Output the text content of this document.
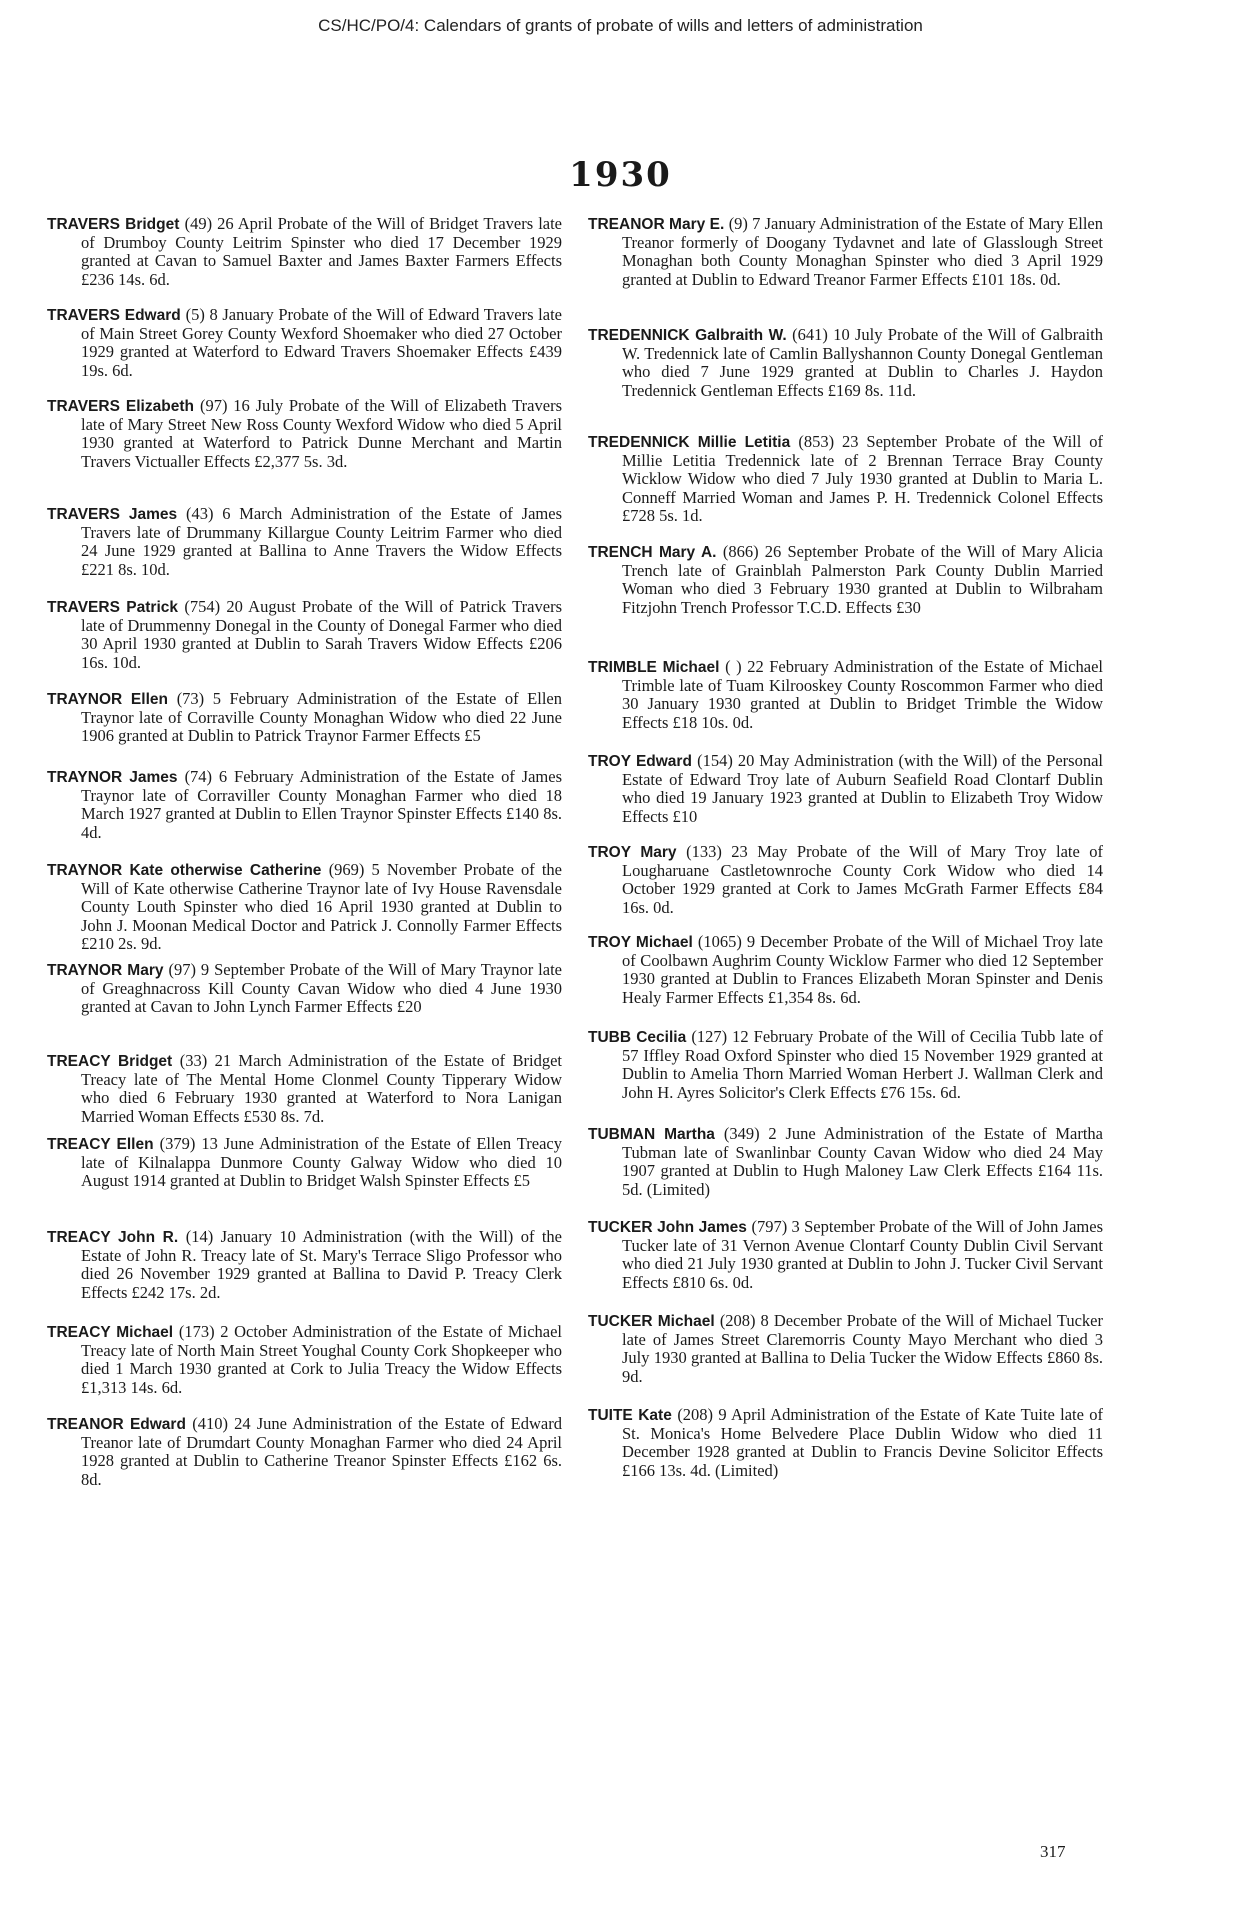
CS/HC/PO/4: Calendars of grants of probate of wills and letters of administration
1930
TRAVERS Bridget (49) 26 April Probate of the Will of Bridget Travers late of Drumboy County Leitrim Spinster who died 17 December 1929 granted at Cavan to Samuel Baxter and James Baxter Farmers Effects £236 14s. 6d.
TRAVERS Edward (5) 8 January Probate of the Will of Edward Travers late of Main Street Gorey County Wexford Shoemaker who died 27 October 1929 granted at Waterford to Edward Travers Shoemaker Effects £439 19s. 6d.
TRAVERS Elizabeth (97) 16 July Probate of the Will of Elizabeth Travers late of Mary Street New Ross County Wexford Widow who died 5 April 1930 granted at Waterford to Patrick Dunne Merchant and Martin Travers Victualler Effects £2,377 5s. 3d.
TRAVERS James (43) 6 March Administration of the Estate of James Travers late of Drummany Killargue County Leitrim Farmer who died 24 June 1929 granted at Ballina to Anne Travers the Widow Effects £221 8s. 10d.
TRAVERS Patrick (754) 20 August Probate of the Will of Patrick Travers late of Drummenny Donegal in the County of Donegal Farmer who died 30 April 1930 granted at Dublin to Sarah Travers Widow Effects £206 16s. 10d.
TRAYNOR Ellen (73) 5 February Administration of the Estate of Ellen Traynor late of Corraville County Monaghan Widow who died 22 June 1906 granted at Dublin to Patrick Traynor Farmer Effects £5
TRAYNOR James (74) 6 February Administration of the Estate of James Traynor late of Corraviller County Monaghan Farmer who died 18 March 1927 granted at Dublin to Ellen Traynor Spinster Effects £140 8s. 4d.
TRAYNOR Kate otherwise Catherine (969) 5 November Probate of the Will of Kate otherwise Catherine Traynor late of Ivy House Ravensdale County Louth Spinster who died 16 April 1930 granted at Dublin to John J. Moonan Medical Doctor and Patrick J. Connolly Farmer Effects £210 2s. 9d.
TRAYNOR Mary (97) 9 September Probate of the Will of Mary Traynor late of Greaghnacross Kill County Cavan Widow who died 4 June 1930 granted at Cavan to John Lynch Farmer Effects £20
TREACY Bridget (33) 21 March Administration of the Estate of Bridget Treacy late of The Mental Home Clonmel County Tipperary Widow who died 6 February 1930 granted at Waterford to Nora Lanigan Married Woman Effects £530 8s. 7d.
TREACY Ellen (379) 13 June Administration of the Estate of Ellen Treacy late of Kilnalappa Dunmore County Galway Widow who died 10 August 1914 granted at Dublin to Bridget Walsh Spinster Effects £5
TREACY John R. (14) January 10 Administration (with the Will) of the Estate of John R. Treacy late of St. Mary's Terrace Sligo Professor who died 26 November 1929 granted at Ballina to David P. Treacy Clerk Effects £242 17s. 2d.
TREACY Michael (173) 2 October Administration of the Estate of Michael Treacy late of North Main Street Youghal County Cork Shopkeeper who died 1 March 1930 granted at Cork to Julia Treacy the Widow Effects £1,313 14s. 6d.
TREANOR Edward (410) 24 June Administration of the Estate of Edward Treanor late of Drumdart County Monaghan Farmer who died 24 April 1928 granted at Dublin to Catherine Treanor Spinster Effects £162 6s. 8d.
TREANOR Mary E. (9) 7 January Administration of the Estate of Mary Ellen Treanor formerly of Dooganу Tydavnet and late of Glasslough Street Monaghan both County Monaghan Spinster who died 3 April 1929 granted at Dublin to Edward Treanor Farmer Effects £101 18s. 0d.
TREDENNICK Galbraith W. (641) 10 July Probate of the Will of Galbraith W. Tredennick late of Camlin Ballyshannon County Donegal Gentleman who died 7 June 1929 granted at Dublin to Charles J. Haydon Tredennick Gentleman Effects £169 8s. 11d.
TREDENNICK Millie Letitia (853) 23 September Probate of the Will of Millie Letitia Tredennick late of 2 Brennan Terrace Bray County Wicklow Widow who died 7 July 1930 granted at Dublin to Maria L. Conneff Married Woman and James P. H. Tredennick Colonel Effects £728 5s. 1d.
TRENCH Mary A. (866) 26 September Probate of the Will of Mary Alicia Trench late of Grainblah Palmerston Park County Dublin Married Woman who died 3 February 1930 granted at Dublin to Wilbraham Fitzjohn Trench Professor T.C.D. Effects £30
TRIMBLE Michael ( ) 22 February Administration of the Estate of Michael Trimble late of Tuam Kilrooskey County Roscommon Farmer who died 30 January 1930 granted at Dublin to Bridget Trimble the Widow Effects £18 10s. 0d.
TROY Edward (154) 20 May Administration (with the Will) of the Personal Estate of Edward Troy late of Auburn Seafield Road Clontarf Dublin who died 19 January 1923 granted at Dublin to Elizabeth Troy Widow Effects £10
TROY Mary (133) 23 May Probate of the Will of Mary Troy late of Lougharuane Castletownroche County Cork Widow who died 14 October 1929 granted at Cork to James McGrath Farmer Effects £84 16s. 0d.
TROY Michael (1065) 9 December Probate of the Will of Michael Troy late of Coolbawn Aughrim County Wicklow Farmer who died 12 September 1930 granted at Dublin to Frances Elizabeth Moran Spinster and Denis Healy Farmer Effects £1,354 8s. 6d.
TUBB Cecilia (127) 12 February Probate of the Will of Cecilia Tubb late of 57 Iffley Road Oxford Spinster who died 15 November 1929 granted at Dublin to Amelia Thorn Married Woman Herbert J. Wallman Clerk and John H. Ayres Solicitor's Clerk Effects £76 15s. 6d.
TUBMAN Martha (349) 2 June Administration of the Estate of Martha Tubman late of Swanlinbar County Cavan Widow who died 24 May 1907 granted at Dublin to Hugh Maloney Law Clerk Effects £164 11s. 5d. (Limited)
TUCKER John James (797) 3 September Probate of the Will of John James Tucker late of 31 Vernon Avenue Clontarf County Dublin Civil Servant who died 21 July 1930 granted at Dublin to John J. Tucker Civil Servant Effects £810 6s. 0d.
TUCKER Michael (208) 8 December Probate of the Will of Michael Tucker late of James Street Claremorris County Mayo Merchant who died 3 July 1930 granted at Ballina to Delia Tucker the Widow Effects £860 8s. 9d.
TUITE Kate (208) 9 April Administration of the Estate of Kate Tuite late of St. Monica's Home Belvedere Place Dublin Widow who died 11 December 1928 granted at Dublin to Francis Devine Solicitor Effects £166 13s. 4d. (Limited)
317
